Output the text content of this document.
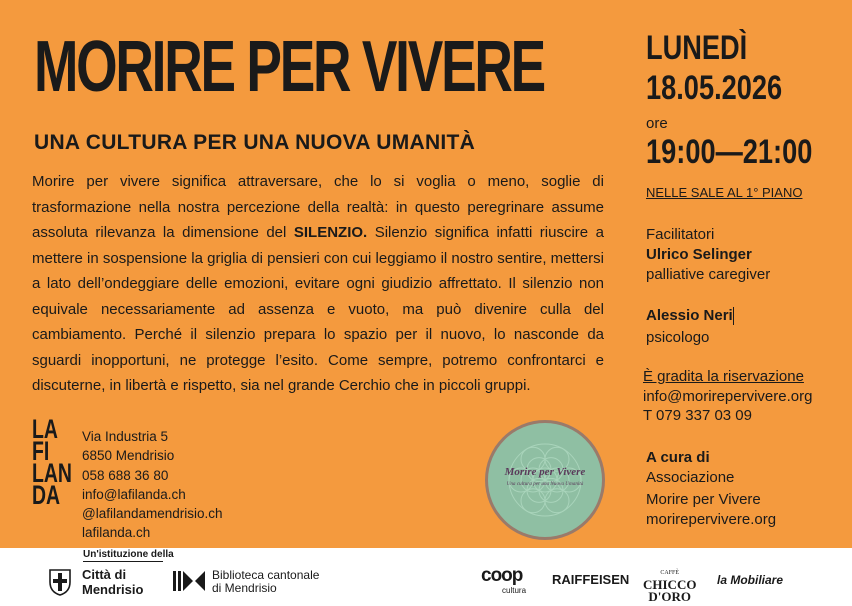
MORIRE PER VIVERE
UNA CULTURA PER UNA NUOVA UMANITÀ
Morire per vivere significa attraversare, che lo si voglia o meno, soglie di trasformazione nella nostra percezione della realtà: in questo peregrinare assume assoluta rilevanza la dimensione del SILENZIO. Silenzio significa infatti riuscire a mettere in sospensione la griglia di pensieri con cui leggiamo il nostro sentire, mettersi a lato dell’ondeggiare delle emozioni, evitare ogni giudizio affrettato. Il silenzio non equivale necessariamente ad assenza e vuoto, ma può divenire culla del cambiamento. Perché il silenzio prepara lo spazio per il nuovo, lo nasconde da sguardi inopportuni, ne protegge l’esito. Come sempre, potremo confrontarci e discuterne, in libertà e rispetto, sia nel grande Cerchio che in piccoli gruppi.
LUNEDÌ
18.05.2026
ore
19:00—21:00
NELLE SALE AL 1° PIANO
Facilitatori
Ulrico Selinger
palliative caregiver
Alessio Neri
psicologo
È gradita la riservazione
info@morirepervivere.org
T 079 337 03 09
A cura di
Associazione
Morire per Vivere
morirepervivere.org
LA
FI
LAN
DA
Via Industria 5
6850 Mendrisio
058 688 36 80
info@lafilanda.ch
@lafilandamendrisio.ch
lafilanda.ch
Morire per Vivere
Una cultura per una Nuova Umanità
Un'istituzione della
Città di
Mendrisio
Biblioteca cantonale
di Mendrisio
coop
cultura
RAIFFEISEN	CAFFÈ
CHICCO
D'ORO
la Mobiliare
